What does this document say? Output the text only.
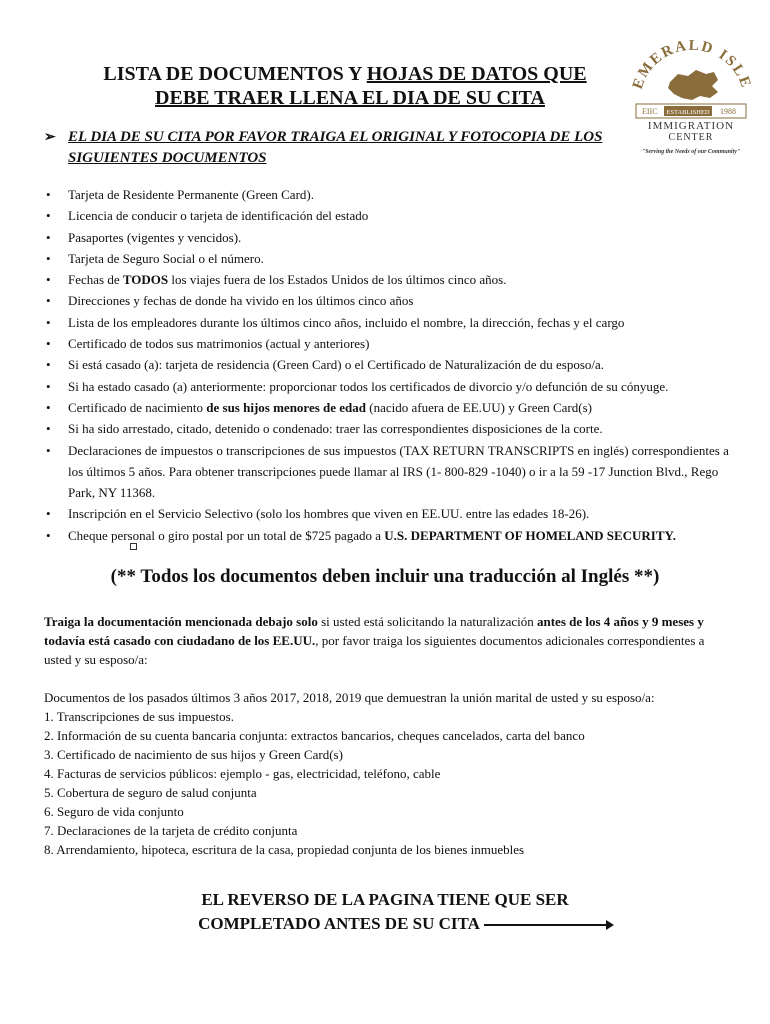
LISTA DE DOCUMENTOS Y HOJAS DE DATOS QUE
DEBE TRAER LLENA EL DIA DE SU CITA
EMERALD ISLE
EIIC ESTABLISHED 1988
IMMIGRATION
CENTER
"Serving the Needs of our Community"
➢ EL DIA DE SU CITA POR FAVOR TRAIGA EL ORIGINAL Y FOTOCOPIA DE LOS SIGUIENTES DOCUMENTOS
• Tarjeta de Residente Permanente (Green Card).
• Licencia de conducir o tarjeta de identificación del estado
• Pasaportes (vigentes y vencidos).
• Tarjeta de Seguro Social o el número.
• Fechas de TODOS los viajes fuera de los Estados Unidos de los últimos cinco años.
• Direcciones y fechas de donde ha vivido en los últimos cinco años
• Lista de los empleadores durante los últimos cinco años, incluido el nombre, la dirección, fechas y el cargo
• Certificado de todos sus matrimonios (actual y anteriores)
• Si está casado (a): tarjeta de residencia (Green Card) o el Certificado de Naturalización de du esposo/a.
• Si ha estado casado (a) anteriormente: proporcionar todos los certificados de divorcio y/o defunción de su cónyuge.
• Certificado de nacimiento de sus hijos menores de edad (nacido afuera de EE.UU) y Green Card(s)
• Si ha sido arrestado, citado, detenido o condenado: traer las correspondientes disposiciones de la corte.
• Declaraciones de impuestos o transcripciones de sus impuestos (TAX RETURN TRANSCRIPTS en inglés) correspondientes a los últimos 5 años. Para obtener transcripciones puede llamar al IRS (1- 800-829 -1040) o ir a la 59 -17 Junction Blvd., Rego Park, NY 11368.
• Inscripción en el Servicio Selectivo (solo los hombres que viven en EE.UU. entre las edades 18-26).
• Cheque personal o giro postal por un total de $725 pagado a U.S. DEPARTMENT OF HOMELAND SECURITY.
(** Todos los documentos deben incluir una traducción al Inglés **)
Traiga la documentación mencionada debajo solo si usted está solicitando la naturalización antes de los 4 años y 9 meses y todavía está casado con ciudadano de los EE.UU., por favor traiga los siguientes documentos adicionales correspondientes a usted y su esposo/a:
Documentos de los pasados últimos 3 años 2017, 2018, 2019 que demuestran la unión marital de usted y su esposo/a:
1. Transcripciones de sus impuestos.
2. Información de su cuenta bancaria conjunta: extractos bancarios, cheques cancelados, carta del banco
3. Certificado de nacimiento de sus hijos y Green Card(s)
4. Facturas de servicios públicos: ejemplo - gas, electricidad, teléfono, cable
5. Cobertura de seguro de salud conjunta
6. Seguro de vida conjunto
7. Declaraciones de la tarjeta de crédito conjunta
8. Arrendamiento, hipoteca, escritura de la casa, propiedad conjunta de los bienes inmuebles
EL REVERSO DE LA PAGINA TIENE QUE SER
COMPLETADO ANTES DE SU CITA
